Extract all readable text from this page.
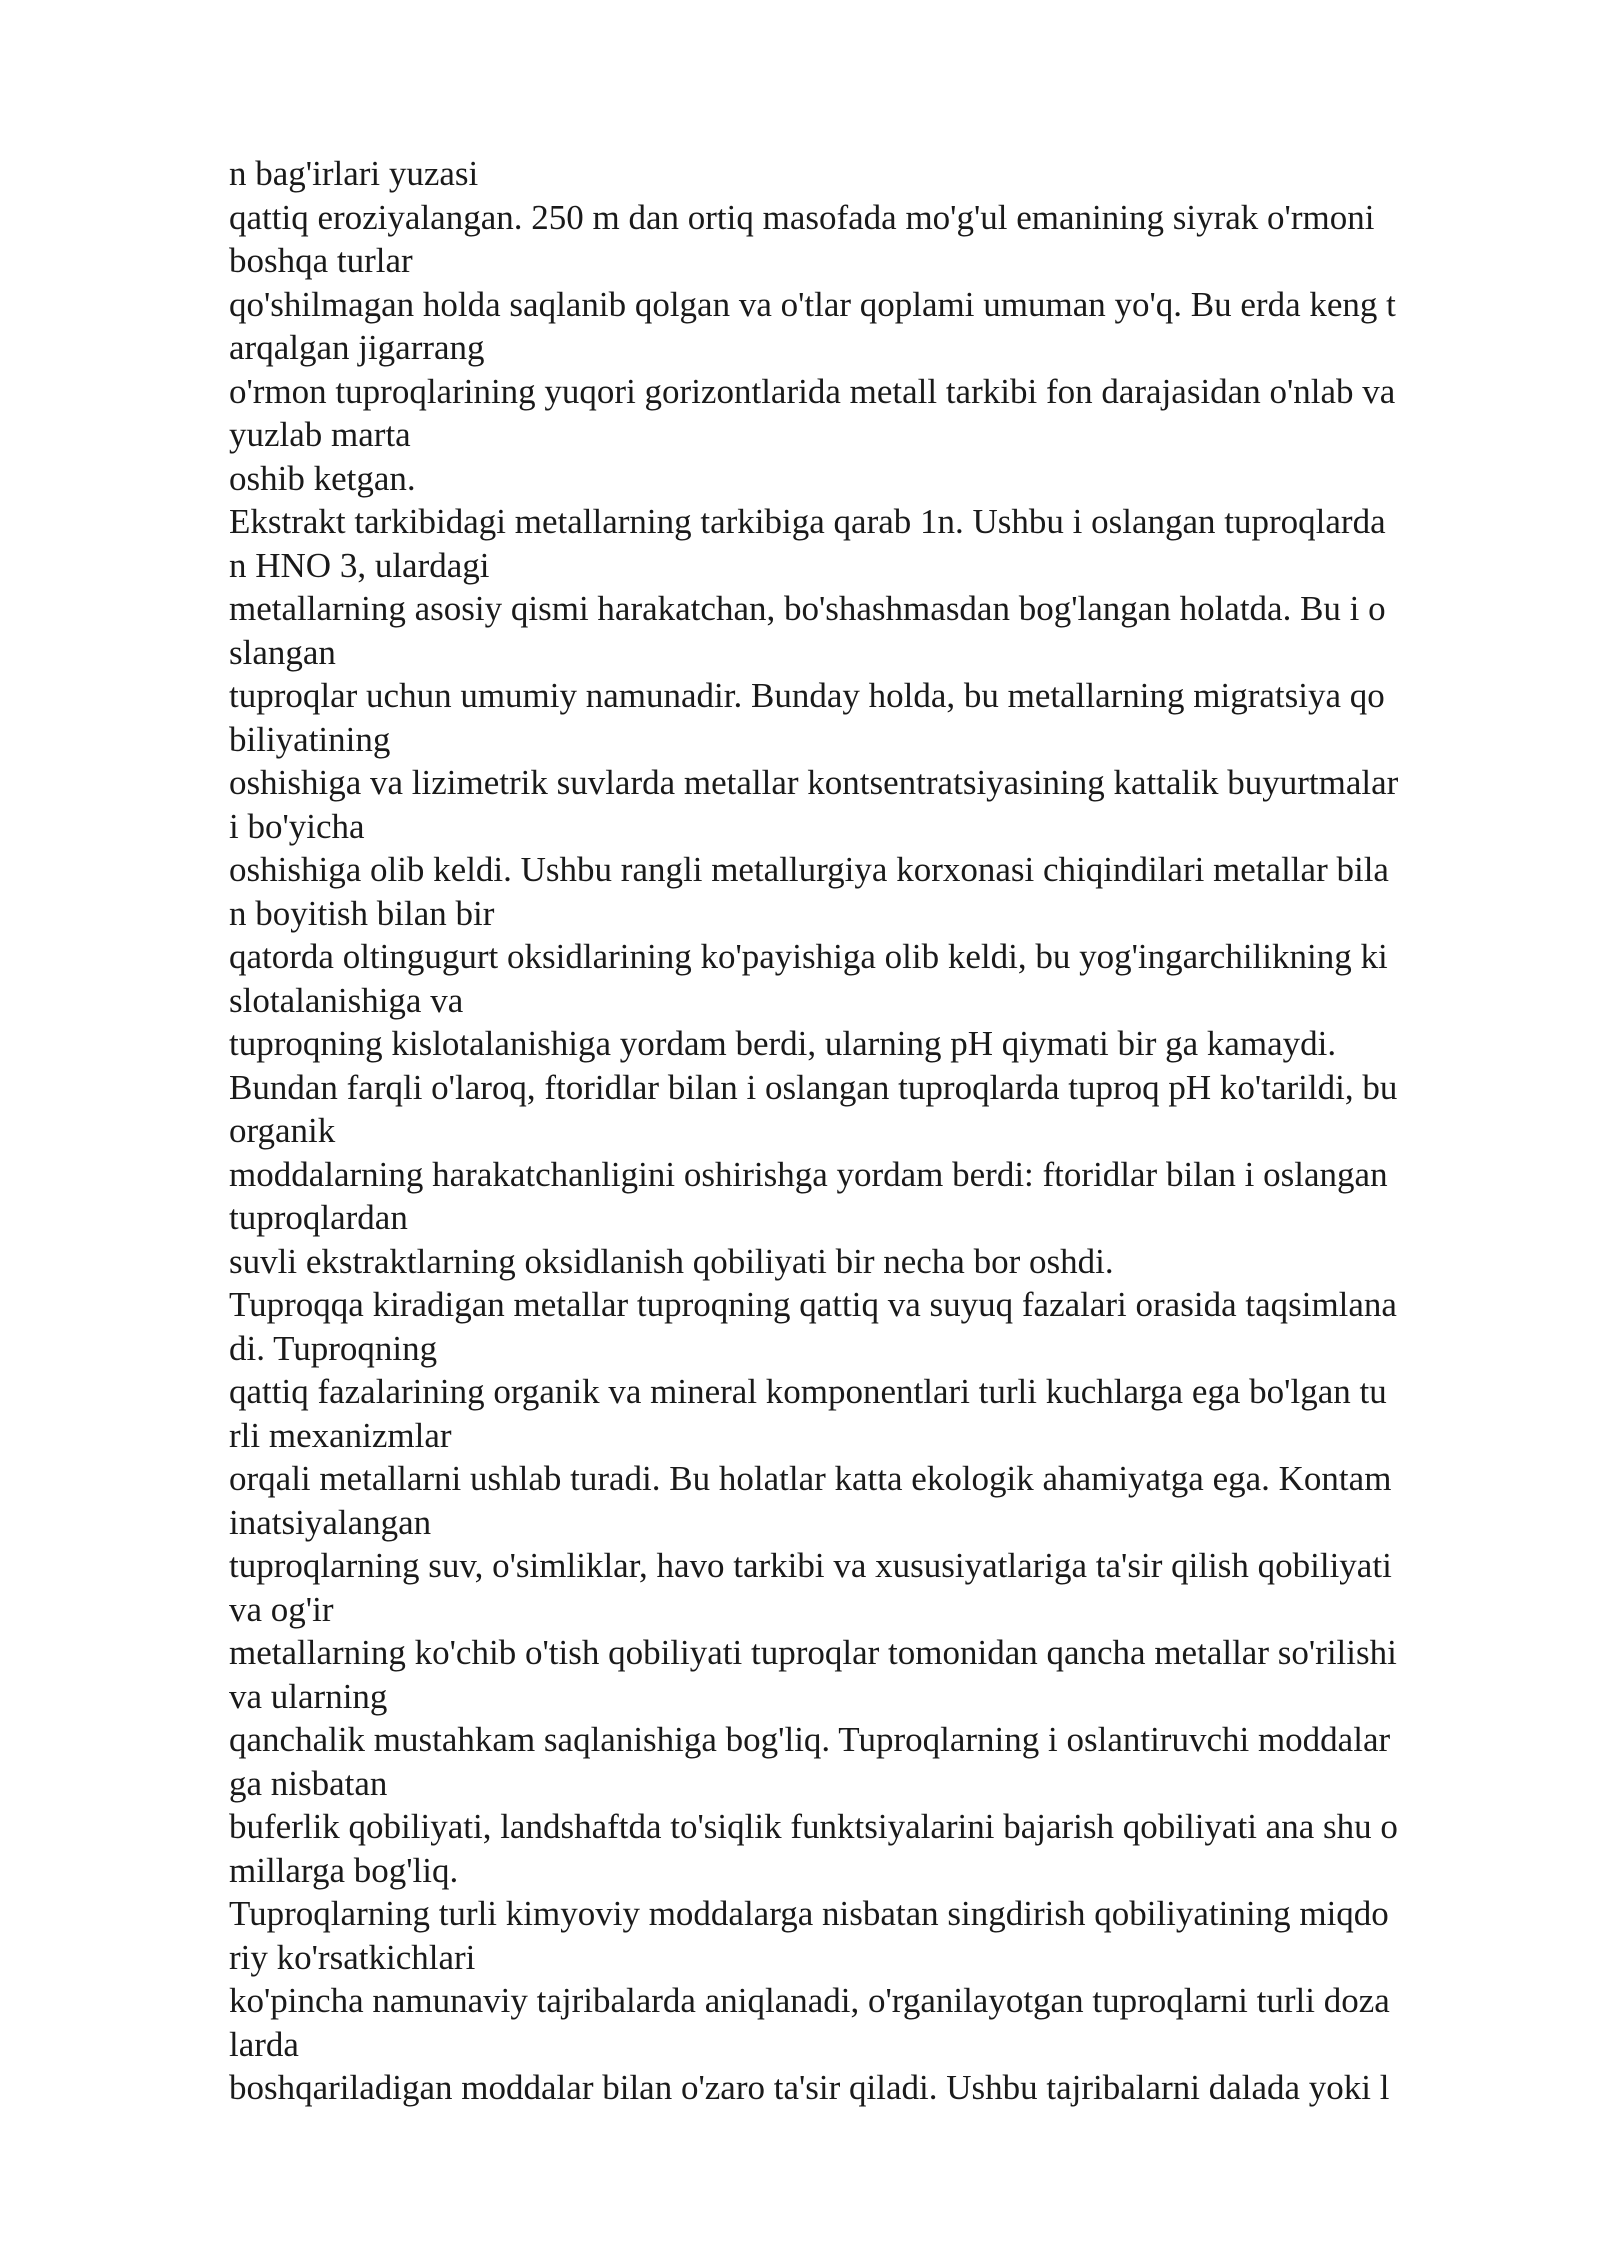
n bag'irlari yuzasi
qattiq eroziyalangan. 250 m dan ortiq masofada mo'g'ul emanining siyrak o'rmoni
boshqa turlar
qo'shilmagan holda saqlanib qolgan va o'tlar qoplami umuman yo'q. Bu erda keng t
arqalgan jigarrang
o'rmon tuproqlarining yuqori gorizontlarida metall tarkibi fon darajasidan o'nlab va
yuzlab marta
oshib ketgan.
Ekstrakt tarkibidagi metallarning tarkibiga qarab 1n. Ushbu i oslangan tuproqlarda
n HNO 3, ulardagi
metallarning asosiy qismi harakatchan, bo'shashmasdan bog'langan holatda. Bu i o
slangan
tuproqlar uchun umumiy namunadir. Bunday holda, bu metallarning migratsiya qo
biliyatining
oshishiga va lizimetrik suvlarda metallar kontsentratsiyasining kattalik buyurtmalar
i bo'yicha
oshishiga olib keldi. Ushbu rangli metallurgiya korxonasi chiqindilari metallar bila
n boyitish bilan bir
qatorda oltingugurt oksidlarining ko'payishiga olib keldi, bu yog'ingarchilikning ki
slotalanishiga va
tuproqning kislotalanishiga yordam berdi, ularning pH qiymati bir ga kamaydi.
Bundan farqli o'laroq, ftoridlar bilan i oslangan tuproqlarda tuproq pH ko'tarildi, bu
organik
moddalarning harakatchanligini oshirishga yordam berdi: ftoridlar bilan i oslangan
tuproqlardan
suvli ekstraktlarning oksidlanish qobiliyati bir necha bor oshdi.
Tuproqqa kiradigan metallar tuproqning qattiq va suyuq fazalari orasida taqsimlana
di. Tuproqning
qattiq fazalarining organik va mineral komponentlari turli kuchlarga ega bo'lgan tu
rli mexanizmlar
orqali metallarni ushlab turadi. Bu holatlar katta ekologik ahamiyatga ega. Kontam
inatsiyalangan
tuproqlarning suv, o'simliklar, havo tarkibi va xususiyatlariga ta'sir qilish qobiliyati
va og'ir
metallarning ko'chib o'tish qobiliyati tuproqlar tomonidan qancha metallar so'rilishi
va ularning
qanchalik mustahkam saqlanishiga bog'liq. Tuproqlarning i oslantiruvchi moddalar
ga nisbatan
buferlik qobiliyati, landshaftda to'siqlik funktsiyalarini bajarish qobiliyati ana shu o
millarga bog'liq.
Tuproqlarning turli kimyoviy moddalarga nisbatan singdirish qobiliyatining miqdo
riy ko'rsatkichlari
ko'pincha namunaviy tajribalarda aniqlanadi, o'rganilayotgan tuproqlarni turli doza
larda
boshqariladigan moddalar bilan o'zaro ta'sir qiladi. Ushbu tajribalarni dalada yoki l
